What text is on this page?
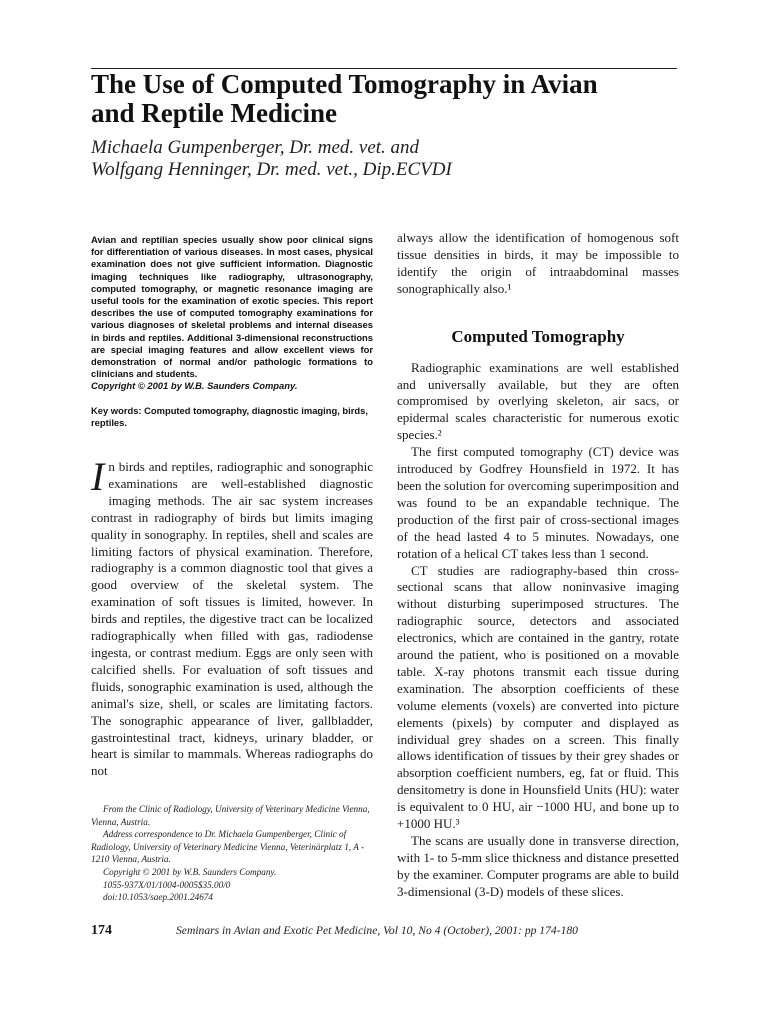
The Use of Computed Tomography in Avian
and Reptile Medicine
Michaela Gumpenberger, Dr. med. vet. and
Wolfgang Henninger, Dr. med. vet., Dip.ECVDI

Avian and reptilian species usually show poor clinical signs for differentiation of various diseases. In most cases, physical examination does not give sufficient information. Diagnostic imaging techniques like radiography, ultrasonography, computed tomography, or magnetic resonance imaging are useful tools for the examination of exotic species. This report describes the use of computed tomography examinations for various diagnoses of skeletal problems and internal diseases in birds and reptiles. Additional 3-dimensional reconstructions are special imaging features and allow excellent views for demonstration of normal and/or pathologic formations to clinicians and students.

Copyright © 2001 by W.B. Saunders Company.

Key words: Computed tomography, diagnostic imaging, birds, reptiles.
In birds and reptiles, radiographic and sonographic examinations are well-established diagnostic imaging methods. The air sac system increases contrast in radiography of birds but limits imaging quality in sonography. In reptiles, shell and scales are limiting factors of physical examination. Therefore, radiography is a common diagnostic tool that gives a good overview of the skeletal system. The examination of soft tissues is limited, however. In birds and reptiles, the digestive tract can be localized radiographically when filled with gas, radiodense ingesta, or contrast medium. Eggs are only seen with calcified shells. For evaluation of soft tissues and fluids, sonographic examination is used, although the animal's size, shell, or scales are limitating factors. The sonographic appearance of liver, gallbladder, gastrointestinal tract, kidneys, urinary bladder, or heart is similar to mammals. Whereas radiographs do not

always allow the identification of homogenous soft tissue densities in birds, it may be impossible to identify the origin of intraabdominal masses sonographically also.¹

Computed Tomography

Radiographic examinations are well established and universally available, but they are often compromised by overlying skeleton, air sacs, or epidermal scales characteristic for numerous exotic species.²

The first computed tomography (CT) device was introduced by Godfrey Hounsfield in 1972. It has been the solution for overcoming superimposition and was found to be an expandable technique. The production of the first pair of cross-sectional images of the head lasted 4 to 5 minutes. Nowadays, one rotation of a helical CT takes less than 1 second.

CT studies are radiography-based thin cross-sectional scans that allow noninvasive imaging without disturbing superimposed structures. The radiographic source, detectors and associated electronics, which are contained in the gantry, rotate around the patient, who is positioned on a movable table. X-ray photons transmit each tissue during examination. The absorption coefficients of these volume elements (voxels) are converted into picture elements (pixels) by computer and displayed as individual grey shades on a screen. This finally allows identification of tissues by their grey shades or absorption coefficient numbers, eg, fat or fluid. This densitometry is done in Hounsfield Units (HU): water is equivalent to 0 HU, air −1000 HU, and bone up to +1000 HU.³

The scans are usually done in transverse direction, with 1- to 5-mm slice thickness and distance presetted by the examiner. Computer programs are able to build 3-dimensional (3-D) models of these slices.

From the Clinic of Radiology, University of Veterinary Medicine Vienna, Vienna, Austria.

Address correspondence to Dr. Michaela Gumpenberger, Clinic of Radiology, University of Veterinary Medicine Vienna, Veterinärplatz 1, A - 1210 Vienna, Austria.

Copyright © 2001 by W.B. Saunders Company.

1055-937X/01/1004-0005$35.00/0

doi:10.1053/saep.2001.24674

174	Seminars in Avian and Exotic Pet Medicine, Vol 10, No 4 (October), 2001: pp 174-180
